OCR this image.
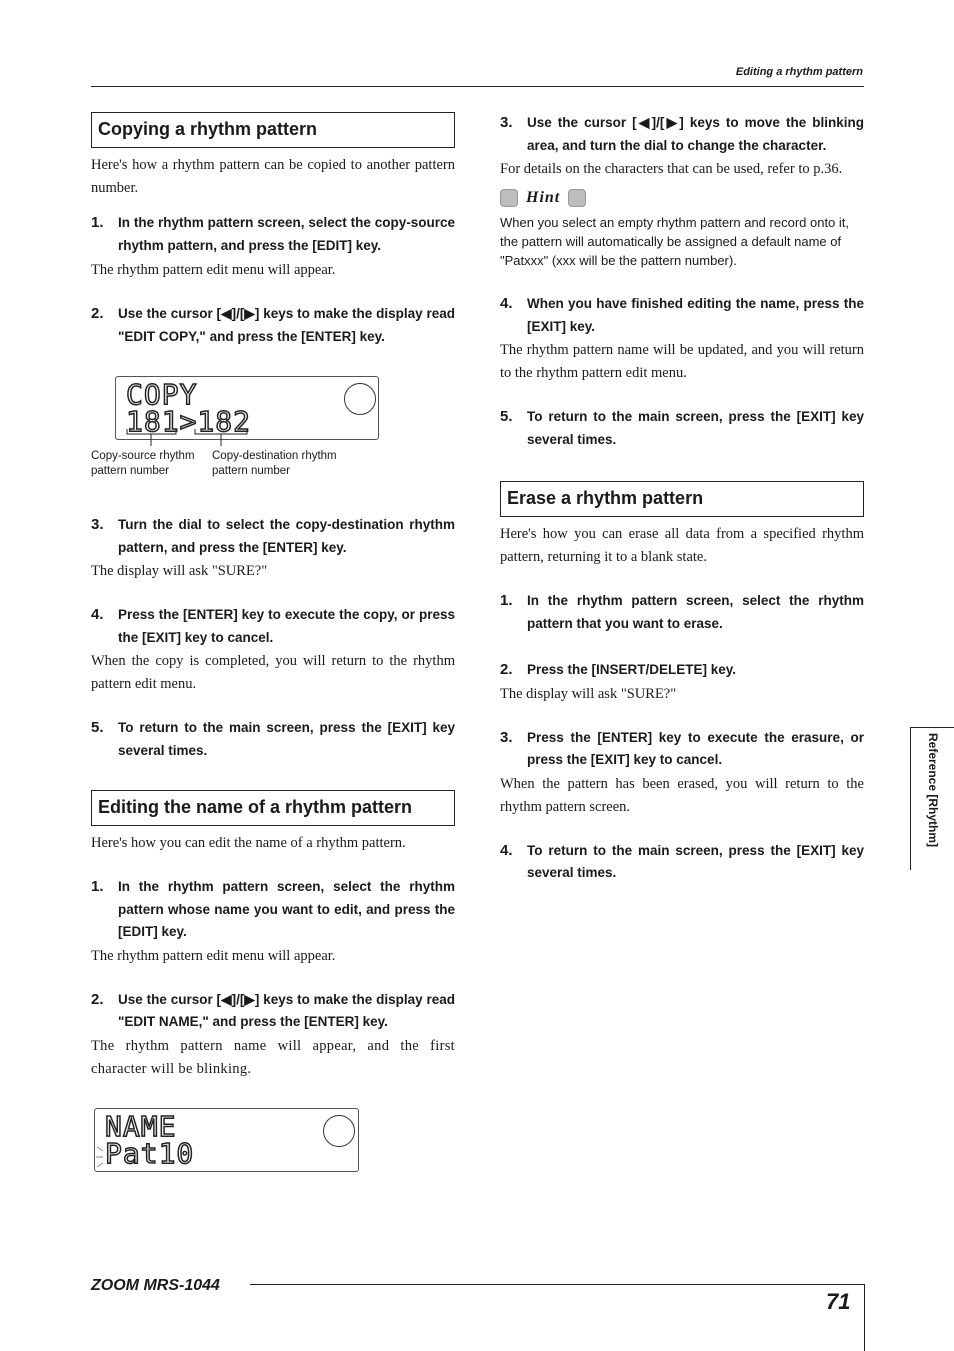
Editing a rhythm pattern
Copying a rhythm pattern

Here's how a rhythm pattern can be copied to another pattern number.

1.	In the rhythm pattern screen, select the copy-source rhythm pattern, and press the [EDIT] key.

The rhythm pattern edit menu will appear.

2.	Use the cursor [◀]/[▶] keys to make the display read "EDIT COPY," and press the [ENTER] key.
COPY
181>182
Copy-source rhythm pattern number
Copy-destination rhythm pattern number
3.	Turn the dial to select the copy-destination rhythm pattern, and press the [ENTER] key.

The display will ask "SURE?"

4.	Press the [ENTER] key to execute the copy, or press the [EXIT] key to cancel.

When the copy is completed, you will return to the rhythm pattern edit menu.

5.	To return to the main screen, press the [EXIT] key several times.
Editing the name of a rhythm pattern

Here's how you can edit the name of a rhythm pattern.

1.	In the rhythm pattern screen, select the rhythm pattern whose name you want to edit, and press the [EDIT] key.

The rhythm pattern edit menu will appear.

2.	Use the cursor [◀]/[▶] keys to make the display read "EDIT NAME," and press the [ENTER] key.

The rhythm pattern name will appear, and the first character will be blinking.

NAME
Pat10
3.	Use the cursor [◀]/[▶] keys to move the blinking area, and turn the dial to change the character.

For details on the characters that can be used, refer to p.36.

Hint

When you select an empty rhythm pattern and record onto it, the pattern will automatically be assigned a default name of "Patxxx" (xxx will be the pattern number).

4.	When you have finished editing the name, press the [EXIT] key.

The rhythm pattern name will be updated, and you will return to the rhythm pattern edit menu.

5.	To return to the main screen, press the [EXIT] key several times.
Erase a rhythm pattern

Here's how you can erase all data from a specified rhythm pattern, returning it to a blank state.

1.	In the rhythm pattern screen, select the rhythm pattern that you want to erase.
2.	Press the [INSERT/DELETE] key.

The display will ask "SURE?"

3.	Press the [ENTER] key to execute the erasure, or press the [EXIT] key to cancel.

When the pattern has been erased, you will return to the rhythm pattern screen.

4.	To return to the main screen, press the [EXIT] key several times.
Reference [Rhythm]
ZOOM MRS-1044
71
